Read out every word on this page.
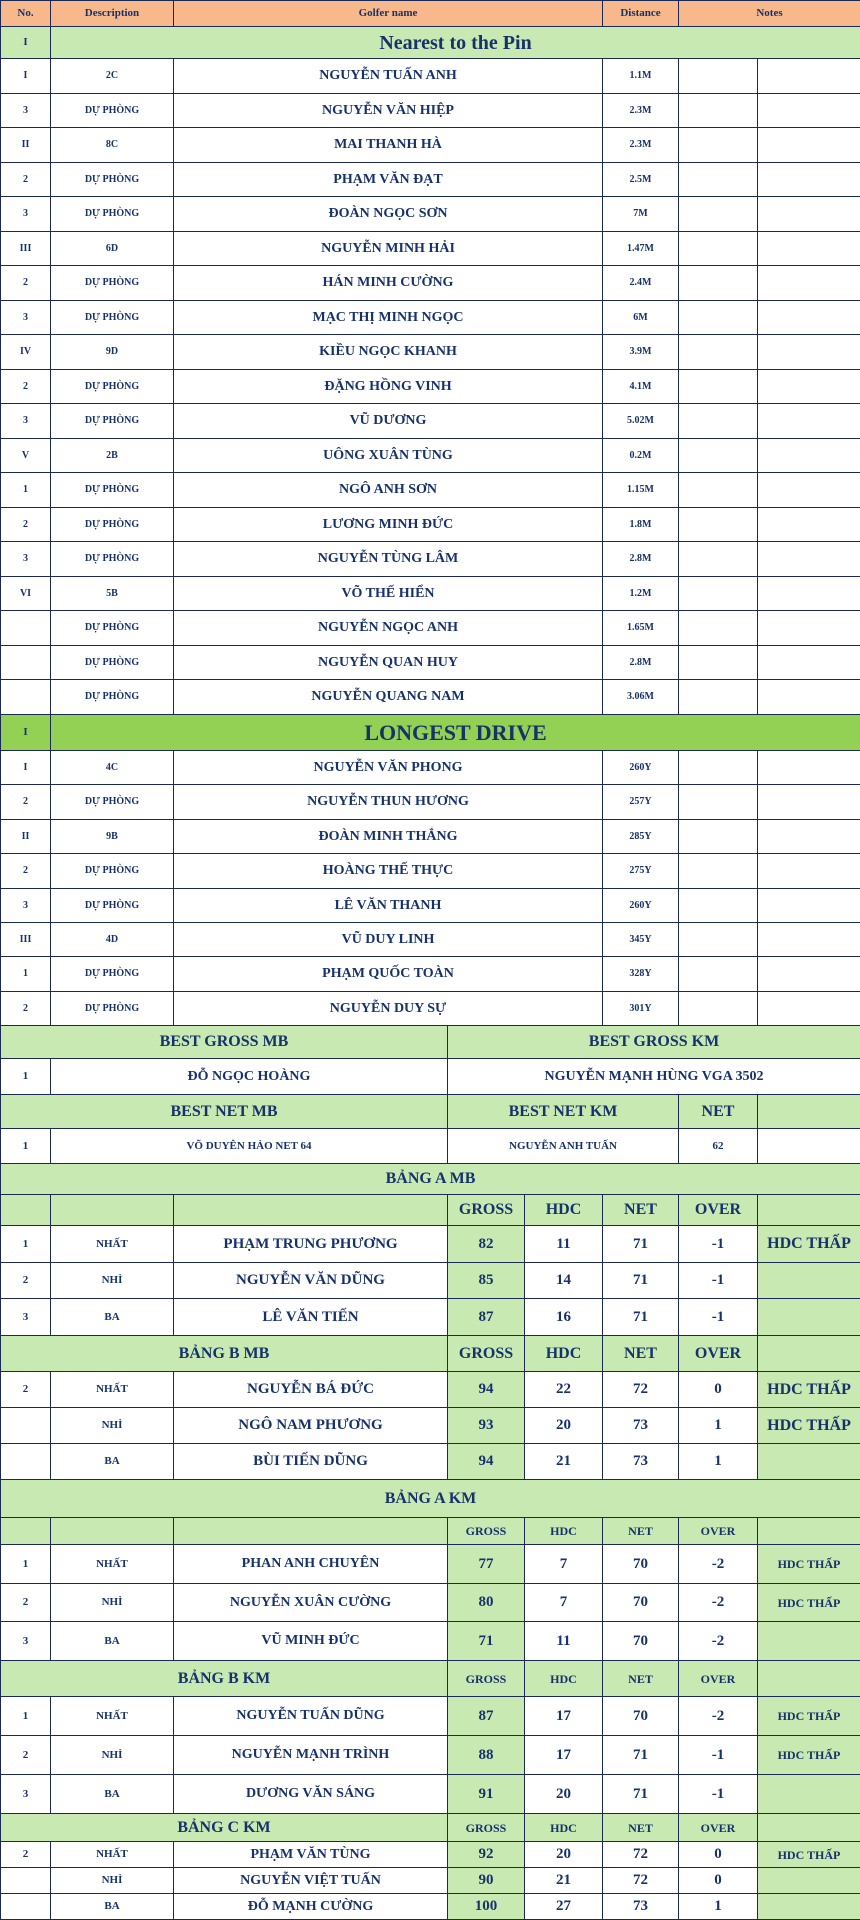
No.	Description	Golfer name	Distance	Notes
I	Nearest to the Pin
I	2C	NGUYỄN TUẤN ANH	1.1M
3	DỰ PHÒNG	NGUYỄN VĂN HIỆP	2.3M
II	8C	MAI THANH HÀ	2.3M
2	DỰ PHÒNG	PHẠM VĂN ĐẠT	2.5M
3	DỰ PHÒNG	ĐOÀN NGỌC SƠN	7M
III	6D	NGUYỄN MINH HẢI	1.47M
2	DỰ PHÒNG	HÁN MINH CƯỜNG	2.4M
3	DỰ PHÒNG	MẠC THỊ MINH NGỌC	6M
IV	9D	KIỀU NGỌC KHANH	3.9M
2	DỰ PHÒNG	ĐẶNG HỒNG VINH	4.1M
3	DỰ PHÒNG	VŨ DƯƠNG	5.02M
V	2B	UÔNG XUÂN TÙNG	0.2M
1	DỰ PHÒNG	NGÔ ANH SƠN	1.15M
2	DỰ PHÒNG	LƯƠNG MINH ĐỨC	1.8M
3	DỰ PHÒNG	NGUYỄN TÙNG LÂM	2.8M
VI	5B	VÕ THẾ HIỂN	1.2M
DỰ PHÒNG	NGUYỄN NGỌC ANH	1.65M
DỰ PHÒNG	NGUYỄN QUAN HUY	2.8M
DỰ PHÒNG	NGUYỄN QUANG NAM	3.06M
I	LONGEST DRIVE
I	4C	NGUYỄN VĂN PHONG	260Y
2	DỰ PHÒNG	NGUYỄN THUN HƯƠNG	257Y
II	9B	ĐOÀN MINH THẮNG	285Y
2	DỰ PHÒNG	HOÀNG THẾ THỰC	275Y
3	DỰ PHÒNG	LÊ VĂN THANH	260Y
III	4D	VŨ DUY LINH	345Y
1	DỰ PHÒNG	PHẠM QUỐC TOÀN	328Y
2	DỰ PHÒNG	NGUYỄN DUY SỰ	301Y
BEST GROSS MB	BEST GROSS KM
1	ĐỖ NGỌC HOÀNG	NGUYỄN MẠNH HÙNG VGA 3502
BEST NET MB	BEST NET KM	NET
1	VÕ DUYÊN HẢO NET 64	NGUYỄN ANH TUẤN	62
BẢNG A MB
GROSS	HDC	NET	OVER
1	NHẤT	PHẠM TRUNG PHƯƠNG	82	11	71	-1	HDC THẤP
2	NHÌ	NGUYỄN VĂN DŨNG	85	14	71	-1
3	BA	LÊ VĂN TIẾN	87	16	71	-1
BẢNG B MB	GROSS	HDC	NET	OVER
2	NHẤT	NGUYỄN BÁ ĐỨC	94	22	72	0	HDC THẤP
NHÌ	NGÔ NAM PHƯƠNG	93	20	73	1	HDC THẤP
BA	BÙI TIẾN DŨNG	94	21	73	1
BẢNG A KM
GROSS	HDC	NET	OVER
1	NHẤT	PHAN ANH CHUYÊN	77	7	70	-2	HDC THẤP
2	NHÌ	NGUYỄN XUÂN CƯỜNG	80	7	70	-2	HDC THẤP
3	BA	VŨ MINH ĐỨC	71	11	70	-2
BẢNG B KM	GROSS	HDC	NET	OVER
1	NHẤT	NGUYỄN TUẤN DŨNG	87	17	70	-2	HDC THẤP
2	NHÌ	NGUYỄN MẠNH TRÌNH	88	17	71	-1	HDC THẤP
3	BA	DƯƠNG VĂN SÁNG	91	20	71	-1
BẢNG C KM	GROSS	HDC	NET	OVER
2	NHẤT	PHẠM VĂN TÙNG	92	20	72	0	HDC THẤP
NHÌ	NGUYỄN VIỆT TUẤN	90	21	72	0
BA	ĐỖ MẠNH CƯỜNG	100	27	73	1
